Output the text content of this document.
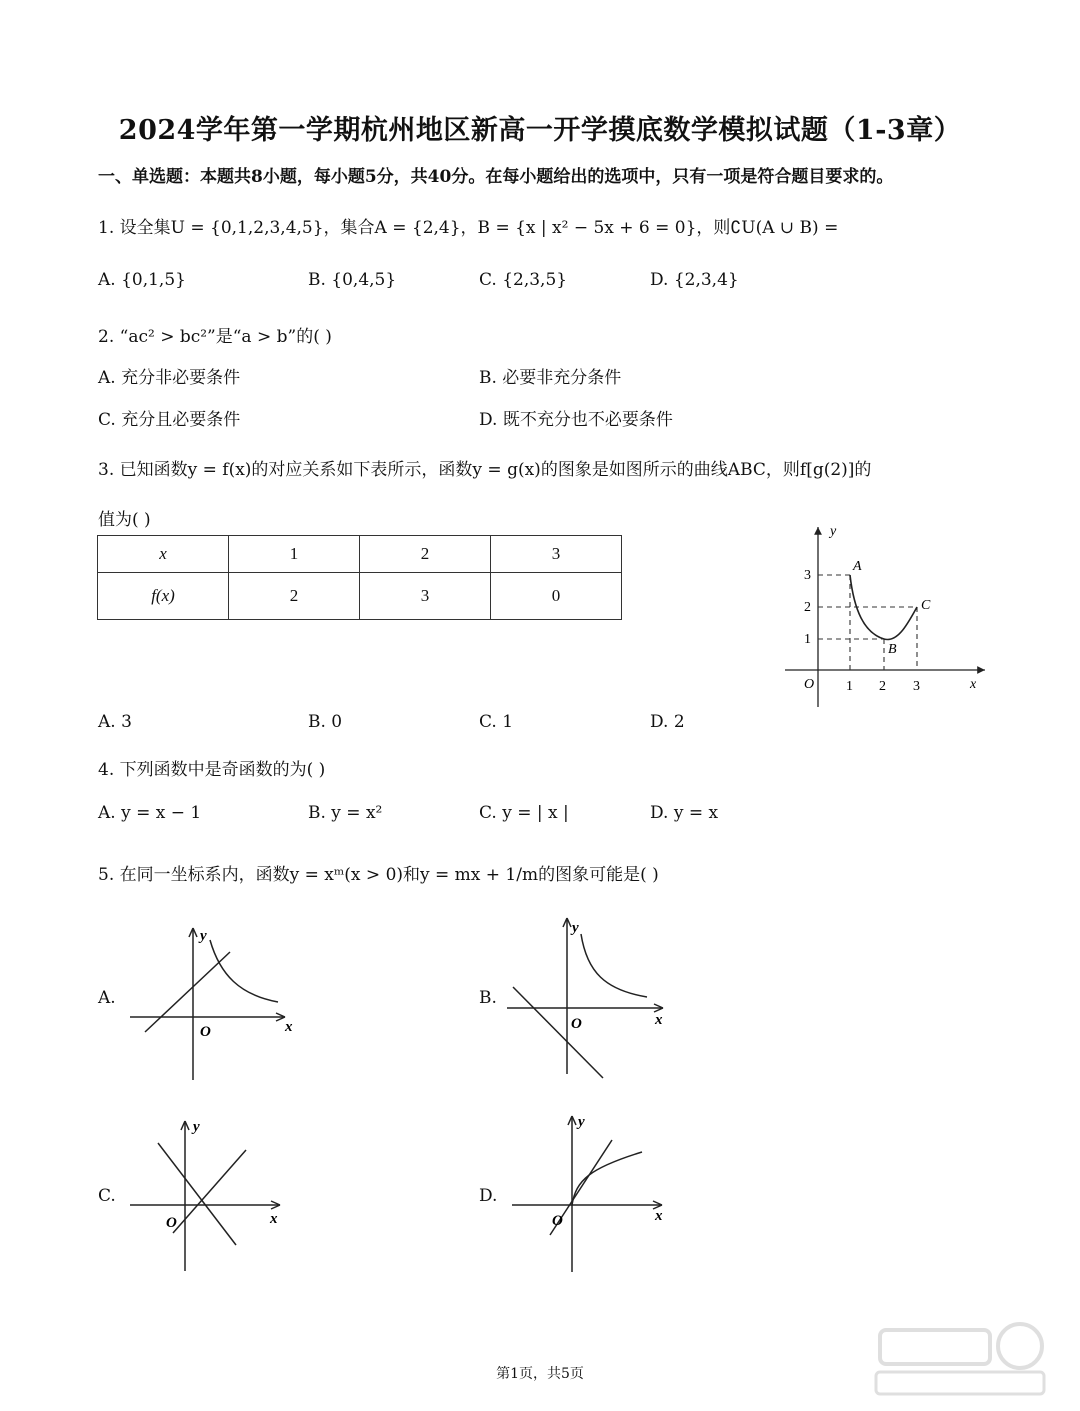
2024学年第一学期杭州地区新高一开学摸底数学模拟试题（1-3章）
一、单选题：本题共8小题，每小题5分，共40分。在每小题给出的选项中，只有一项是符合题目要求的。
1. 设全集U = {0,1,2,3,4,5}，集合A = {2,4}，B = {x | x² − 5x + 6 = 0}，则∁U(A ∪ B) =
A. {0,1,5}	B. {0,4,5}	C. {2,3,5}	D. {2,3,4}
2. “ac² > bc²”是“a > b”的( )
A. 充分非必要条件	B. 必要非充分条件
C. 充分且必要条件	D. 既不充分也不必要条件
3. 已知函数y = f(x)的对应关系如下表所示，函数y = g(x)的图象是如图所示的曲线ABC，则f[g(2)]的
值为( )
x	1	2	3
f(x)	2	3	0
y
x
O 1 2 3
1
2
3
A
B
C
A. 3	B. 0	C. 1	D. 2
4. 下列函数中是奇函数的为( )
A. y = x − 1	B. y = x²	C. y = | x |	D. y = x
5. 在同一坐标系内，函数y = xᵐ(x > 0)和y = mx + 1/m的图象可能是( )
A.
y
x
O
B.
y
x
O
C.
y
x
O
D.
y
x
O
第1页，共5页
